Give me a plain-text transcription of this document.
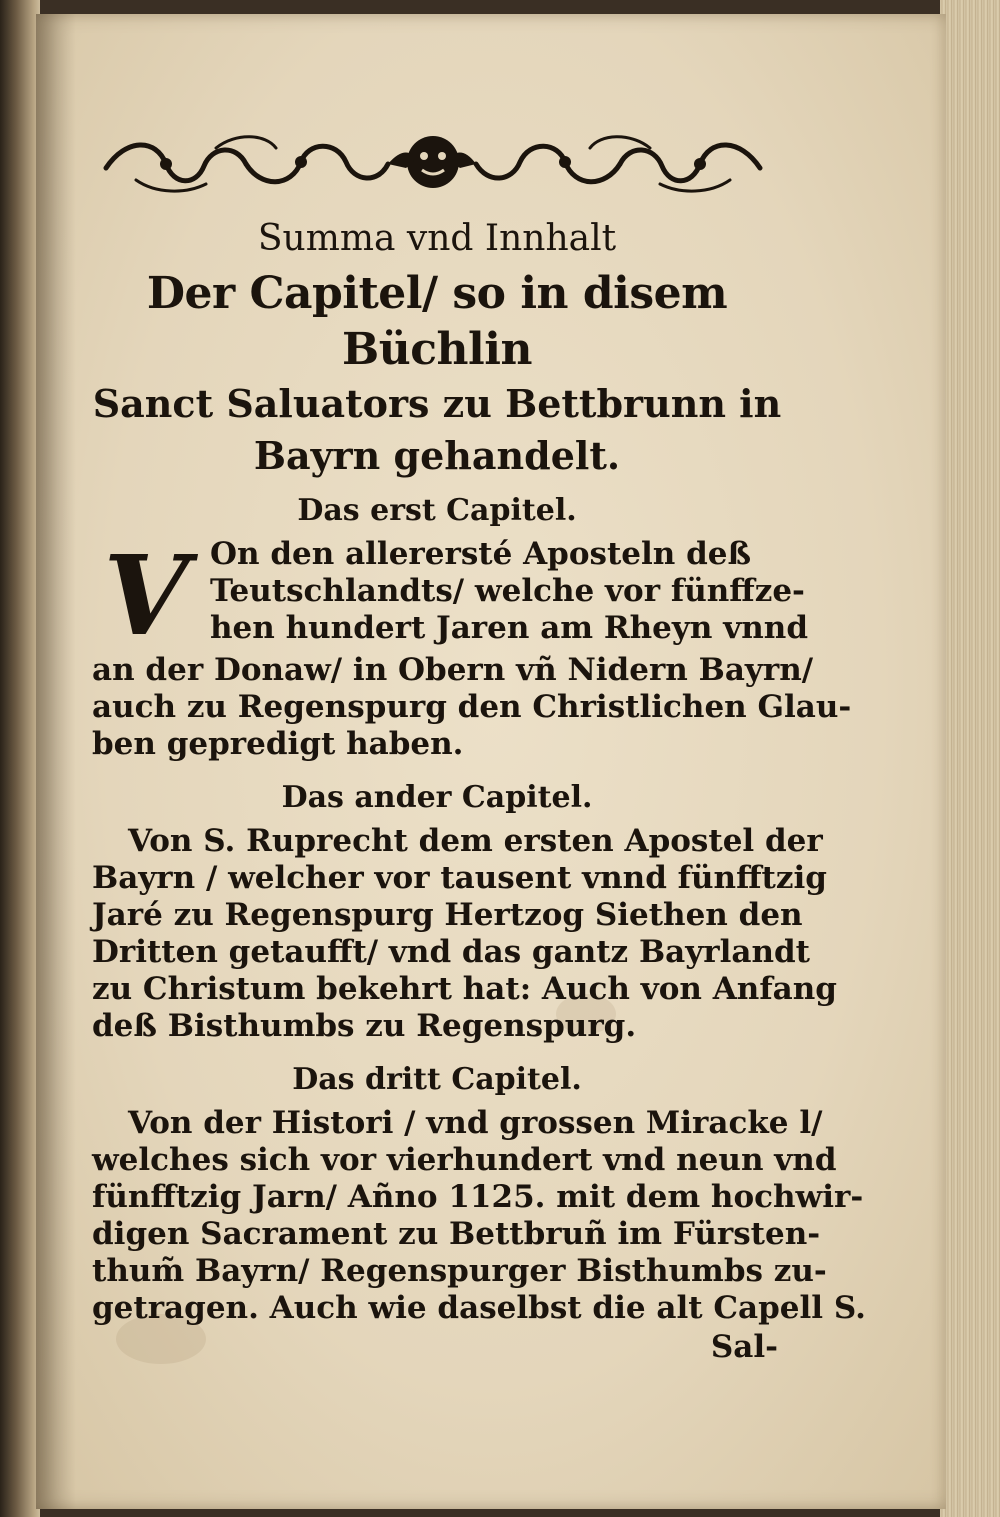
Summa vnd Innhalt

Der Capitel/ so in disem Büchlin

Sanct Saluators zu Bettbrunn in

Bayrn gehandelt.

Das erst Capitel.

V On den allerersté Aposteln deß
Teutschlandts/ welche vor fünffze-
hen hundert Jaren am Rheyn vnnd

an der Donaw/ in Obern vñ Nidern Bayrn/
auch zu Regenspurg den Christlichen Glau-
ben gepredigt haben.

Das ander Capitel.

Von S. Ruprecht dem ersten Apostel der
Bayrn / welcher vor tausent vnnd fünfftzig
Jaré zu Regenspurg Hertzog Siethen den
Dritten getaufft/ vnd das gantz Bayrlandt
zu Christum bekehrt hat: Auch von Anfang
deß Bisthumbs zu Regenspurg.

Das dritt Capitel.

Von der Histori / vnd grossen Miracke l/
welches sich vor vierhundert vnd neun vnd
fünfftzig Jarn/ Añno 1125. mit dem hochwir-
digen Sacrament zu Bettbruñ im Fürsten-
thum̃ Bayrn/ Regenspurger Bisthumbs zu-
getragen. Auch wie daselbst die alt Capell S.

Sal-
